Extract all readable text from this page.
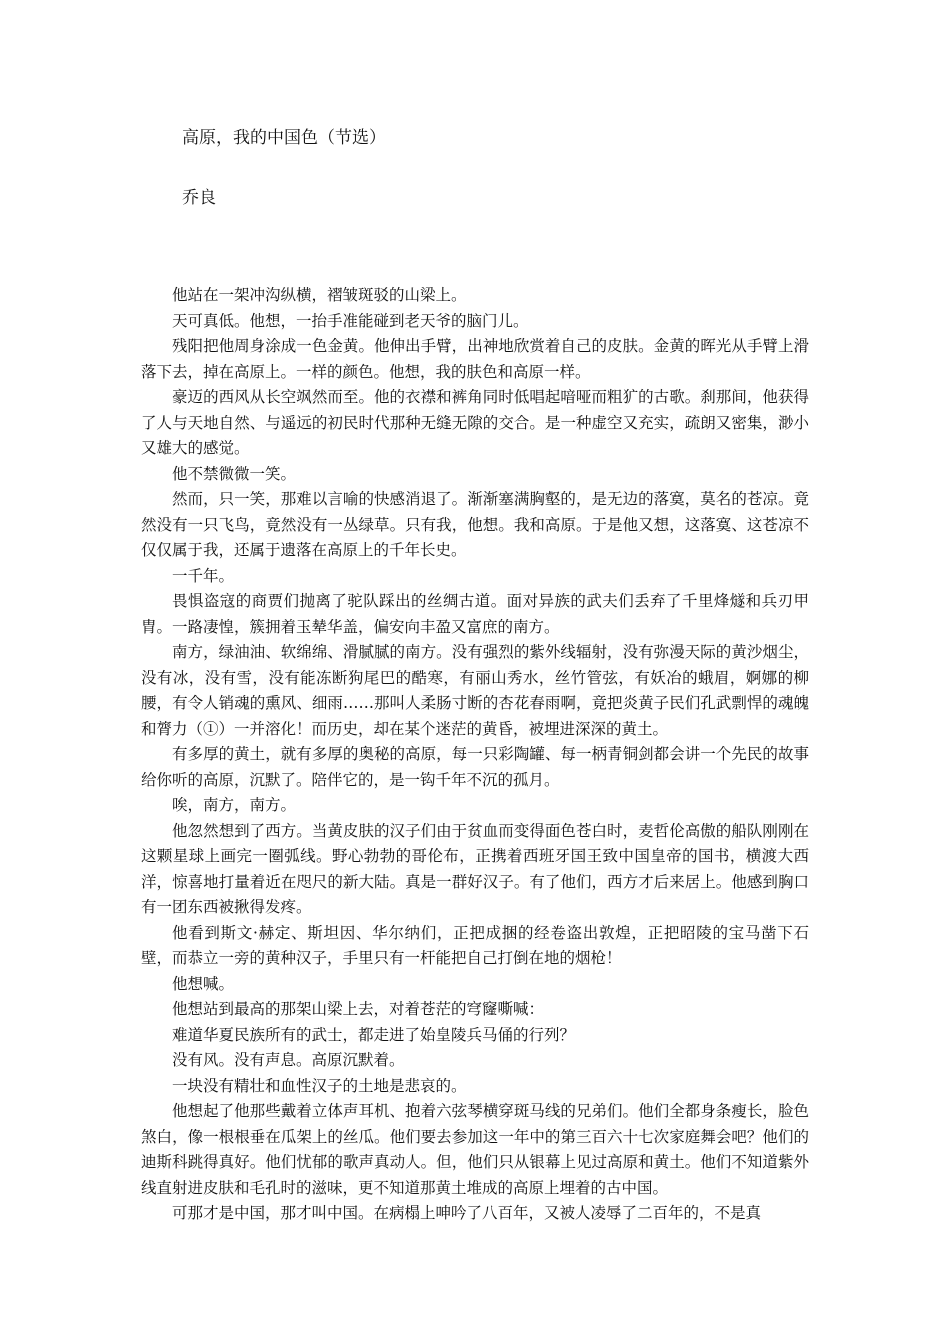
高原，我的中国色（节选）
乔良

他站在一架冲沟纵横，褶皱斑驳的山梁上。

天可真低。他想，一抬手准能碰到老天爷的脑门儿。

残阳把他周身涂成一色金黄。他伸出手臂，出神地欣赏着自己的皮肤。金黄的晖光从手臂上滑落下去，掉在高原上。一样的颜色。他想，我的肤色和高原一样。

豪迈的西风从长空飒然而至。他的衣襟和裤角同时低唱起喑哑而粗犷的古歌。刹那间，他获得了人与天地自然、与遥远的初民时代那种无缝无隙的交合。是一种虚空又充实，疏朗又密集，渺小又雄大的感觉。

他不禁微微一笑。

然而，只一笑，那难以言喻的快感消退了。渐渐塞满胸壑的，是无边的落寞，莫名的苍凉。竟然没有一只飞鸟，竟然没有一丛绿草。只有我，他想。我和高原。于是他又想，这落寞、这苍凉不仅仅属于我，还属于遗落在高原上的千年长史。

一千年。

畏惧盗寇的商贾们抛离了驼队踩出的丝绸古道。面对异族的武夫们丢弃了千里烽燧和兵刃甲胄。一路凄惶，簇拥着玉辇华盖，偏安向丰盈又富庶的南方。

南方，绿油油、软绵绵、滑腻腻的南方。没有强烈的紫外线辐射，没有弥漫天际的黄沙烟尘，没有冰，没有雪，没有能冻断狗尾巴的酷寒，有丽山秀水，丝竹管弦，有妖冶的蛾眉，婀娜的柳腰，有令人销魂的熏风、细雨……那叫人柔肠寸断的杏花春雨啊，竟把炎黄子民们孔武剽悍的魂魄和膂力（①）一并溶化！而历史，却在某个迷茫的黄昏，被埋进深深的黄土。

有多厚的黄土，就有多厚的奥秘的高原，每一只彩陶罐、每一柄青铜剑都会讲一个先民的故事给你听的高原，沉默了。陪伴它的，是一钩千年不沉的孤月。

唉，南方，南方。

他忽然想到了西方。当黄皮肤的汉子们由于贫血而变得面色苍白时，麦哲伦高傲的船队刚刚在这颗星球上画完一圈弧线。野心勃勃的哥伦布，正携着西班牙国王致中国皇帝的国书，横渡大西洋，惊喜地打量着近在咫尺的新大陆。真是一群好汉子。有了他们，西方才后来居上。他感到胸口有一团东西被揪得发疼。

他看到斯文·赫定、斯坦因、华尔纳们，正把成捆的经卷盗出敦煌，正把昭陵的宝马凿下石壁，而恭立一旁的黄种汉子，手里只有一杆能把自己打倒在地的烟枪！

他想喊。

他想站到最高的那架山梁上去，对着苍茫的穹窿嘶喊：

难道华夏民族所有的武士，都走进了始皇陵兵马俑的行列？

没有风。没有声息。高原沉默着。

一块没有精壮和血性汉子的土地是悲哀的。

他想起了他那些戴着立体声耳机、抱着六弦琴横穿斑马线的兄弟们。他们全都身条瘦长，脸色煞白，像一根根垂在瓜架上的丝瓜。他们要去参加这一年中的第三百六十七次家庭舞会吧？他们的迪斯科跳得真好。他们忧郁的歌声真动人。但，他们只从银幕上见过高原和黄土。他们不知道紫外线直射进皮肤和毛孔时的滋味，更不知道那黄土堆成的高原上埋着的古中国。

可那才是中国，那才叫中国。在病榻上呻吟了八百年，又被人凌辱了二百年的，不是真
